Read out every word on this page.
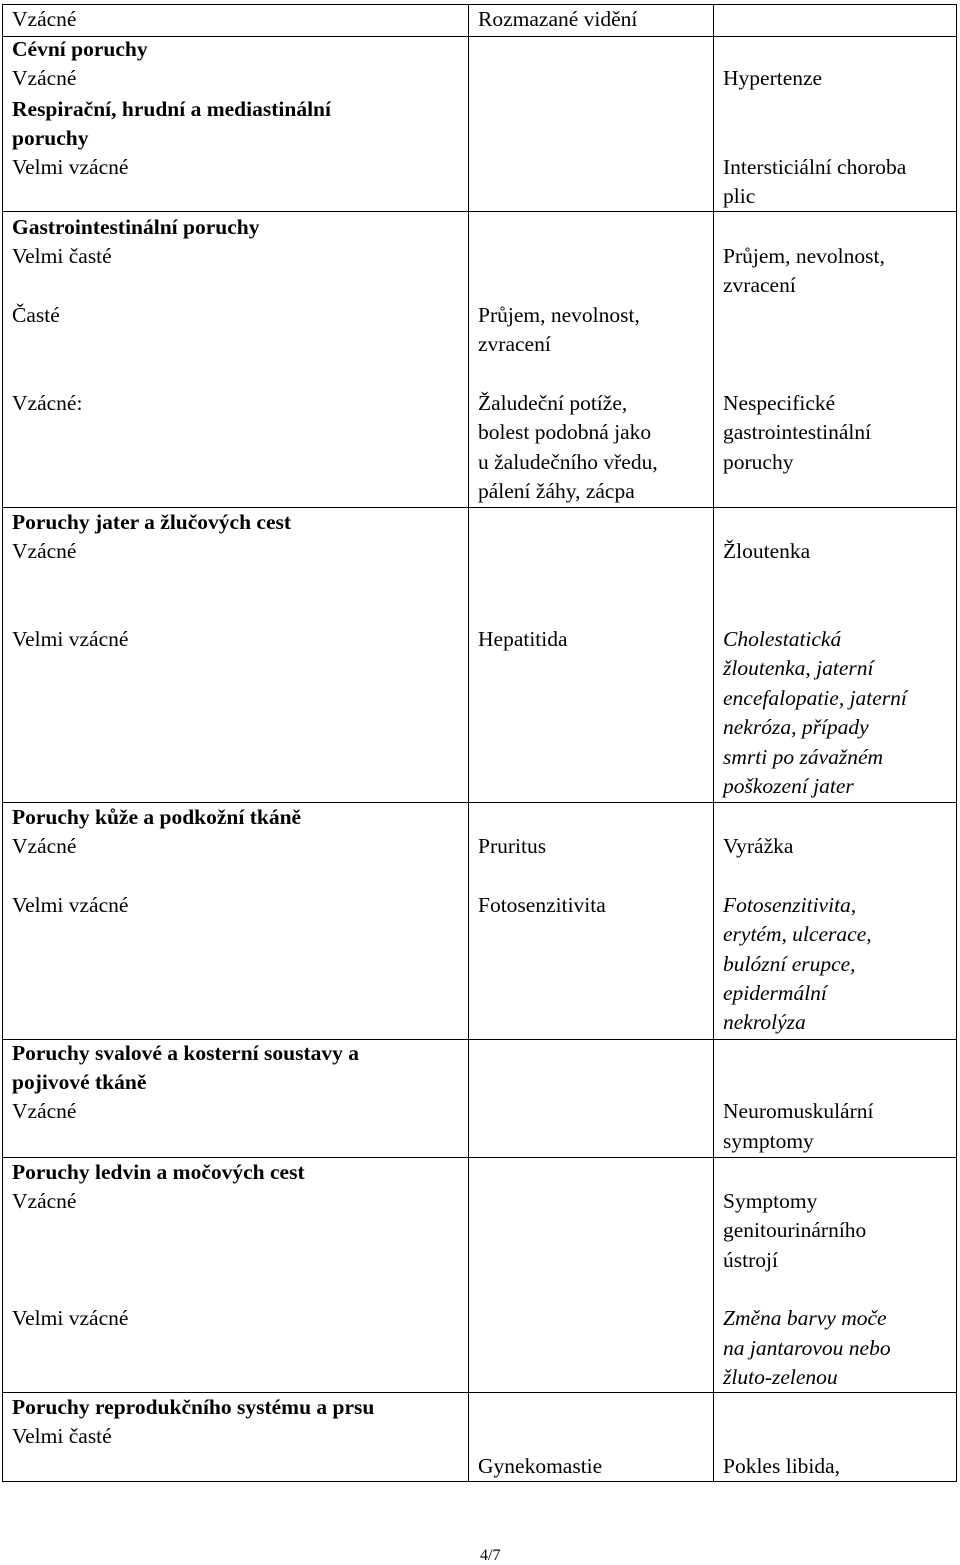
Vzácné
Cévní poruchy
Vzácné
Respirační, hrudní a mediastinální
poruchy
Velmi vzácné
Gastrointestinální poruchy
Velmi časté
Časté
Vzácné:
Poruchy jater a žlučových cest
Vzácné
Velmi vzácné
Poruchy kůže a podkožní tkáně
Vzácné
Velmi vzácné
Poruchy svalové a kosterní soustavy a
pojivové tkáně
Vzácné
Poruchy ledvin a močových cest
Vzácné
Velmi vzácné
Poruchy reprodukčního systému a prsu
Velmi časté
Rozmazané vidění
Průjem, nevolnost,
zvracení
Žaludeční potíže,
bolest podobná jako
u žaludečního vředu,
pálení žáhy, zácpa
Hepatitida
Pruritus
Fotosenzitivita
Gynekomastie
Hypertenze
Intersticiální choroba
plic
Průjem, nevolnost,
zvracení
Nespecifické
gastrointestinální
poruchy
Žloutenka
Cholestatická
žloutenka, jaterní
encefalopatie, jaterní
nekróza, případy
smrti po závažném
poškození jater
Vyrážka
Fotosenzitivita,
erytém, ulcerace,
bulózní erupce,
epidermální
nekrolýza
Neuromuskulární
symptomy
Symptomy
genitourinárního
ústrojí
Změna barvy moče
na jantarovou nebo
žluto-zelenou
Pokles libida,
4/7
